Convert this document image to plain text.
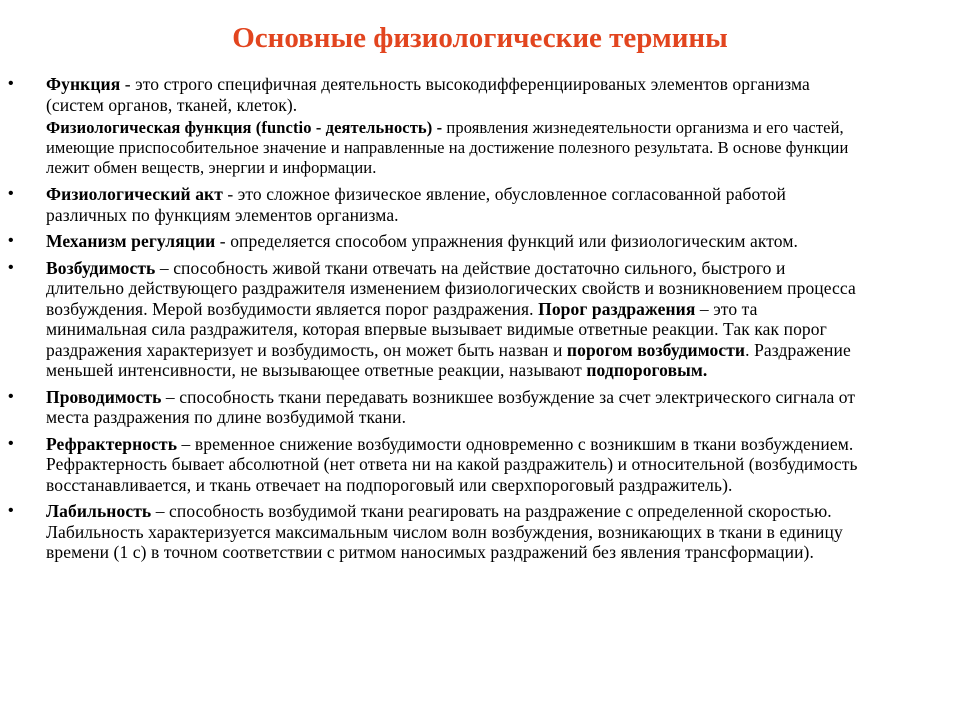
Основные физиологические термины
• Функция - это строго специфичная деятельность высокодифференциированых элементов организма (систем органов, тканей, клеток).

Физиологическая функция (functio - деятельность) - проявления жизнедеятельности организма и его частей, имеющие приспособительное значение и направленные на достижение полезного результата. В основе функции лежит обмен веществ, энергии и информации.

• Физиологический акт - это сложное физическое явление, обусловленное согласованной работой различных по функциям элементов организма.

• Механизм регуляции - определяется способом упражнения функций или физиологическим актом.

• Возбудимость – способность живой ткани отвечать на действие достаточно сильного, быстрого и длительно действующего раздражителя изменением физиологических свойств и возникновением процесса возбуждения. Мерой возбудимости является порог раздражения. Порог раздражения – это та минимальная сила раздражителя, которая впервые вызывает видимые ответные реакции. Так как порог раздражения характеризует и возбудимость, он может быть назван и порогом возбудимости. Раздражение меньшей интенсивности, не вызывающее ответные реакции, называют подпороговым.

• Проводимость – способность ткани передавать возникшее возбуждение за счет электрического сигнала от места раздражения по длине возбудимой ткани.

• Рефрактерность – временное снижение возбудимости одновременно с возникшим в ткани возбуждением. Рефрактерность бывает абсолютной (нет ответа ни на какой раздражитель) и относительной (возбудимость восстанавливается, и ткань отвечает на подпороговый или сверхпороговый раздражитель).

• Лабильность – способность возбудимой ткани реагировать на раздражение с определенной скоростью. Лабильность характеризуется максимальным числом волн возбуждения, возникающих в ткани в единицу времени (1 с) в точном соответствии с ритмом наносимых раздражений без явления трансформации).
